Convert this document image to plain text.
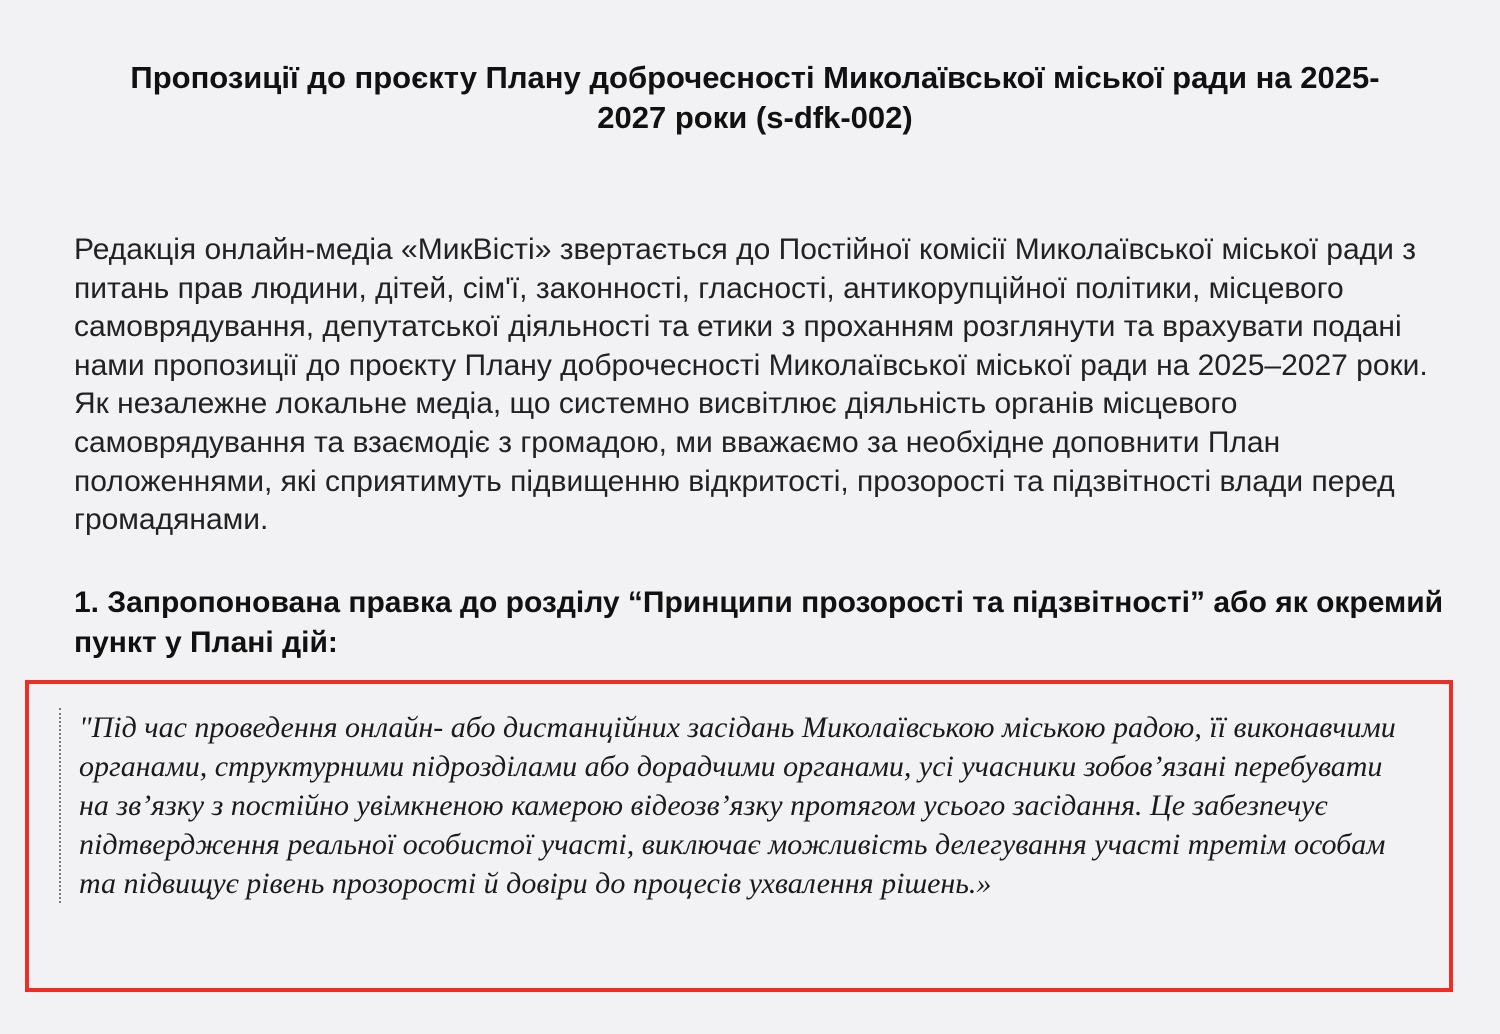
Пропозиції до проєкту Плану доброчесності Миколаївської міської ради на 2025-2027 роки (s-dfk-002)

Редакція онлайн-медіа «МикВісті» звертається до Постійної комісії Миколаївської міської ради з питань прав людини, дітей, сім'ї, законності, гласності, антикорупційної політики, місцевого самоврядування, депутатської діяльності та етики з проханням розглянути та врахувати подані нами пропозиції до проєкту Плану доброчесності Миколаївської міської ради на 2025–2027 роки. Як незалежне локальне медіа, що системно висвітлює діяльність органів місцевого самоврядування та взаємодіє з громадою, ми вважаємо за необхідне доповнити План положеннями, які сприятимуть підвищенню відкритості, прозорості та підзвітності влади перед громадянами.

1. Запропонована правка до розділу “Принципи прозорості та підзвітності” або як окремий пункт у Плані дій:
"Під час проведення онлайн- або дистанційних засідань Миколаївською міською радою, її виконавчими органами, структурними підрозділами або дорадчими органами, усі учасники зобов’язані перебувати на зв’язку з постійно увімкненою камерою відеозв’язку протягом усього засідання. Це забезпечує підтвердження реальної особистої участі, виключає можливість делегування участі третім особам та підвищує рівень прозорості й довіри до процесів ухвалення рішень.»
